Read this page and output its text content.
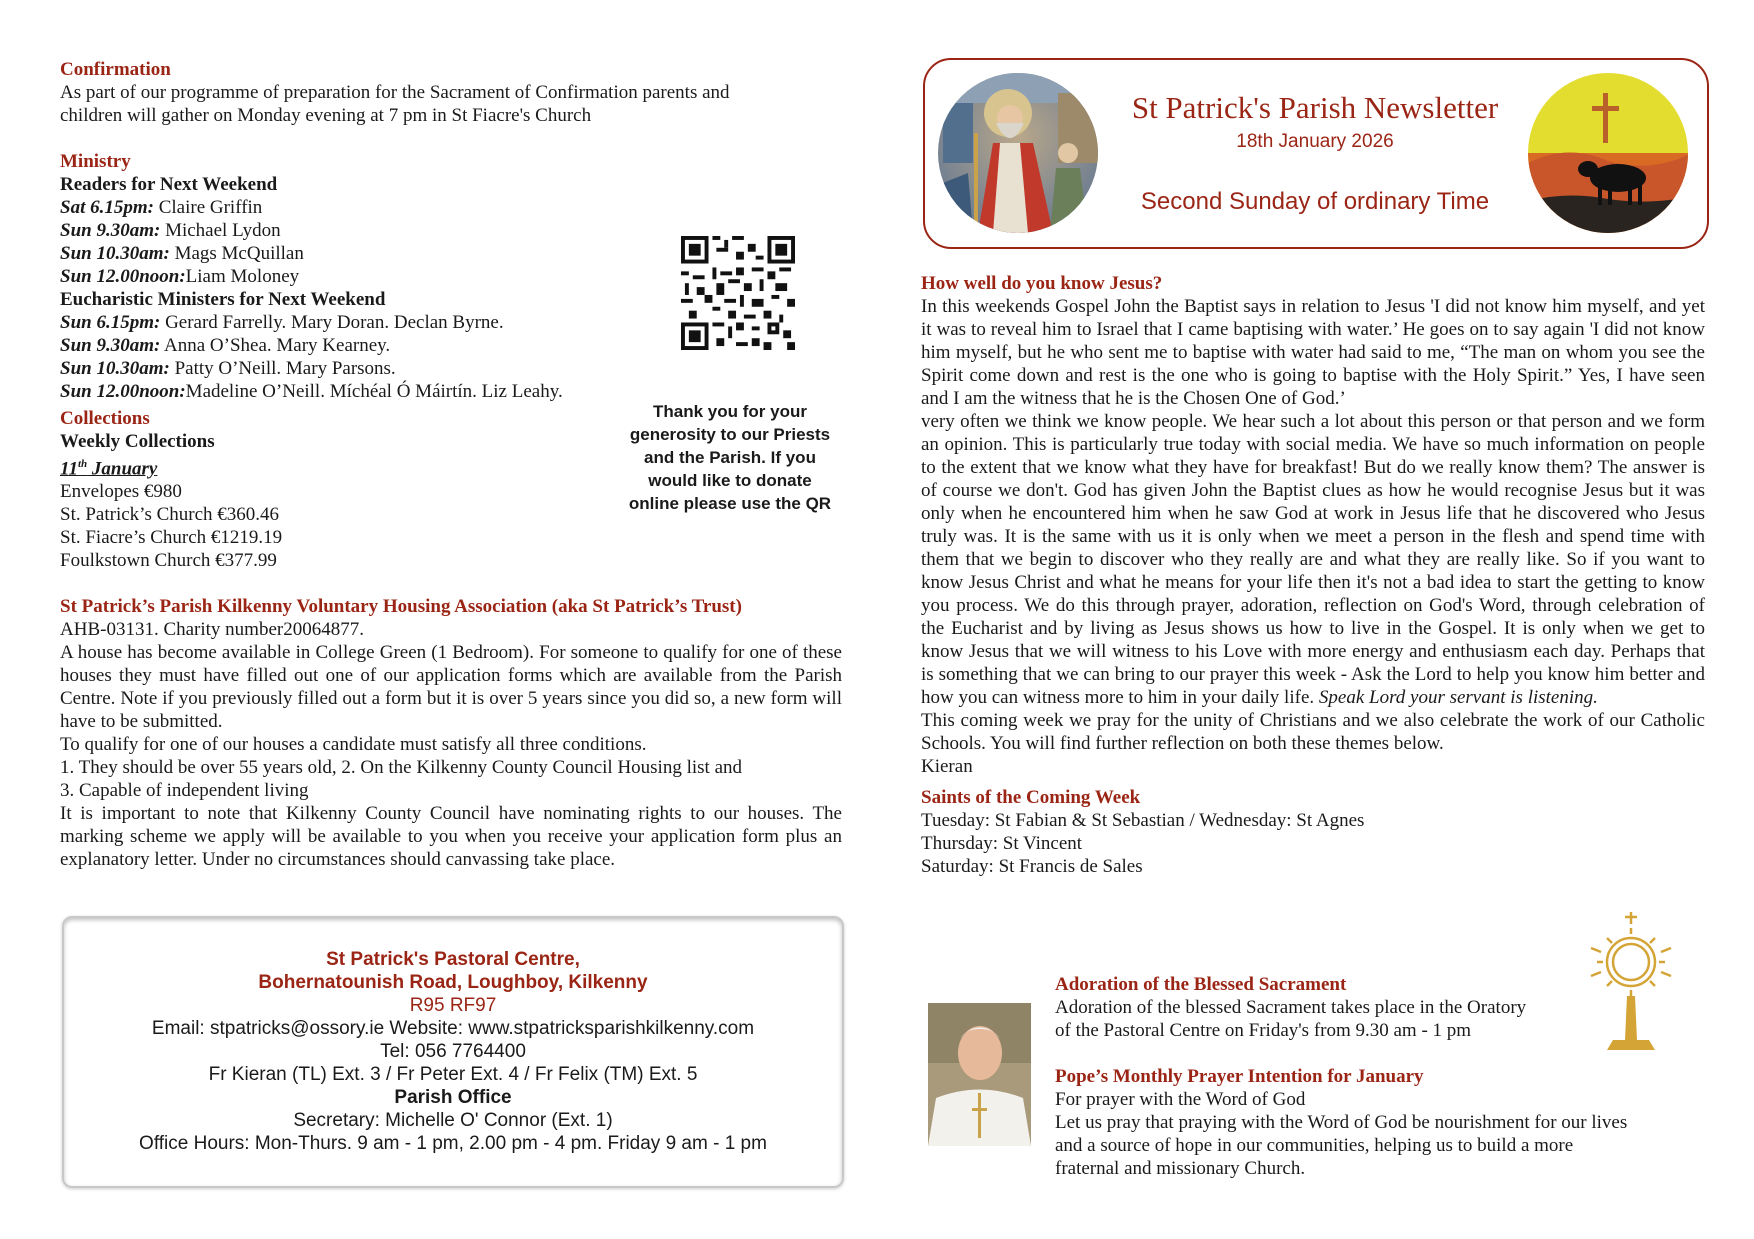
Confirmation
As part of our programme of preparation for the Sacrament of Confirmation parents and
children will gather on Monday evening at 7 pm in St Fiacre's Church
Ministry
Readers for Next Weekend
Sat 6.15pm: Claire Griffin
Sun 9.30am: Michael Lydon
Sun 10.30am: Mags McQuillan
Sun 12.00noon:Liam Moloney
Eucharistic Ministers for Next Weekend
Sun 6.15pm: Gerard Farrelly. Mary Doran. Declan Byrne.
Sun 9.30am: Anna O’Shea. Mary Kearney.
Sun 10.30am: Patty O’Neill. Mary Parsons.
Sun 12.00noon:Madeline O’Neill. Míchéal Ó Máirtín. Liz Leahy.
Collections
Weekly Collections
11th January
Envelopes €980
St. Patrick’s Church €360.46
St. Fiacre’s Church €1219.19
Foulkstown Church €377.99
St Patrick’s Parish Kilkenny Voluntary Housing Association (aka St Patrick’s Trust)
AHB-03131. Charity number20064877.

A house has become available in College Green (1 Bedroom). For someone to qualify for one of these houses they must have filled out one of our application forms which are available from the Parish Centre. Note if you previously filled out a form but it is over 5 years since you did so, a new form will have to be submitted.

To qualify for one of our houses a candidate must satisfy all three conditions.
1. They should be over 55 years old, 2. On the Kilkenny County Council Housing list and
3. Capable of independent living

It is important to note that Kilkenny County Council have nominating rights to our houses. The marking scheme we apply will be available to you when you receive your application form plus an explanatory letter. Under no circumstances should canvassing take place.

Thank you for your generosity to our Priests and the Parish. If you would like to donate online please use the QR
St Patrick's Pastoral Centre,
Bohernatounish Road, Loughboy, Kilkenny
R95 RF97
Email: stpatricks@ossory.ie Website: www.stpatricksparishkilkenny.com
Tel: 056 7764400
Fr Kieran (TL) Ext. 3 / Fr Peter Ext. 4 / Fr Felix (TM) Ext. 5
Parish Office
Secretary: Michelle O' Connor (Ext. 1)
Office Hours: Mon-Thurs. 9 am - 1 pm, 2.00 pm - 4 pm. Friday 9 am - 1 pm
St Patrick's Parish Newsletter
18th January 2026
Second Sunday of ordinary Time
How well do you know Jesus?

In this weekends Gospel John the Baptist says in relation to Jesus 'I did not know him myself, and yet it was to reveal him to Israel that I came baptising with water.’ He goes on to say again 'I did not know him myself, but he who sent me to baptise with water had said to me, “The man on whom you see the Spirit come down and rest is the one who is going to baptise with the Holy Spirit.” Yes, I have seen and I am the witness that he is the Chosen One of God.’

very often we think we know people. We hear such a lot about this person or that person and we form an opinion. This is particularly true today with social media. We have so much information on people to the extent that we know what they have for breakfast! But do we really know them? The answer is of course we don't. God has given John the Baptist clues as how he would recognise Jesus but it was only when he encountered him when he saw God at work in Jesus life that he discovered who Jesus truly was. It is the same with us it is only when we meet a person in the flesh and spend time with them that we begin to discover who they really are and what they are really like. So if you want to know Jesus Christ and what he means for your life then it's not a bad idea to start the getting to know you process. We do this through prayer, adoration, reflection on God's Word, through celebration of the Eucharist and by living as Jesus shows us how to live in the Gospel. It is only when we get to know Jesus that we will witness to his Love with more energy and enthusiasm each day. Perhaps that is something that we can bring to our prayer this week - Ask the Lord to help you know him better and how you can witness more to him in your daily life. Speak Lord your servant is listening.

This coming week we pray for the unity of Christians and we also celebrate the work of our Catholic Schools. You will find further reflection on both these themes below.

Kieran
Saints of the Coming Week
Tuesday: St Fabian & St Sebastian / Wednesday: St Agnes
Thursday: St Vincent
Saturday: St Francis de Sales
Adoration of the Blessed Sacrament
Adoration of the blessed Sacrament takes place in the Oratory
of the Pastoral Centre on Friday's from 9.30 am - 1 pm
Pope’s Monthly Prayer Intention for January
For prayer with the Word of God
Let us pray that praying with the Word of God be nourishment for our lives
and a source of hope in our communities, helping us to build a more
fraternal and missionary Church.
